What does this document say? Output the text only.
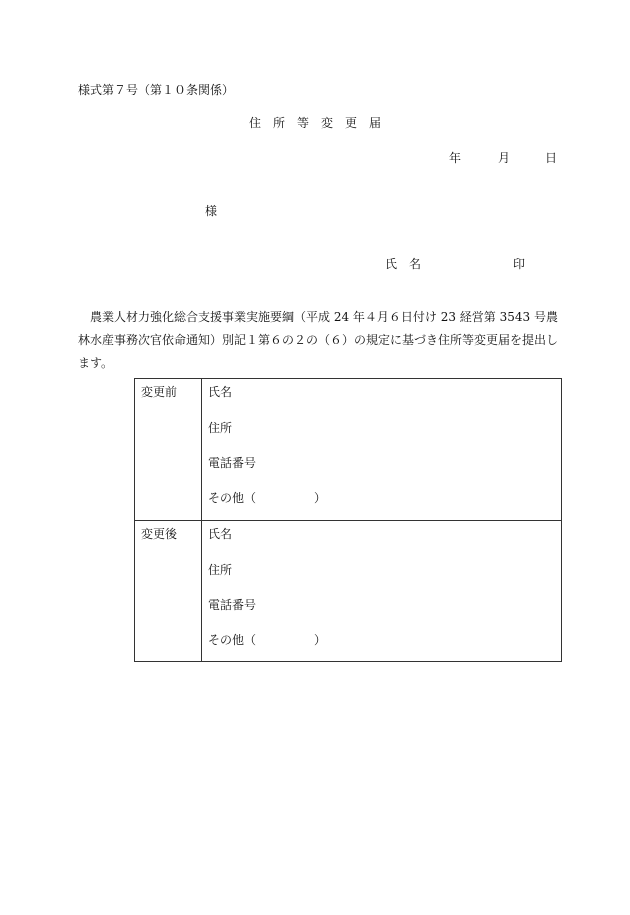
様式第７号（第１０条関係）
住　所　等　変　更　届
年	月	日
様
氏　名	印
農業人材力強化総合支援事業実施要綱（平成 24 年４月６日付け 23 経営第 3543 号農林水産事務次官依命通知）別記１第６の２の（６）の規定に基づき住所等変更届を提出します。
変更前	氏名
住所
電話番号
その他（	）
変更後	氏名
住所
電話番号
その他（	）
